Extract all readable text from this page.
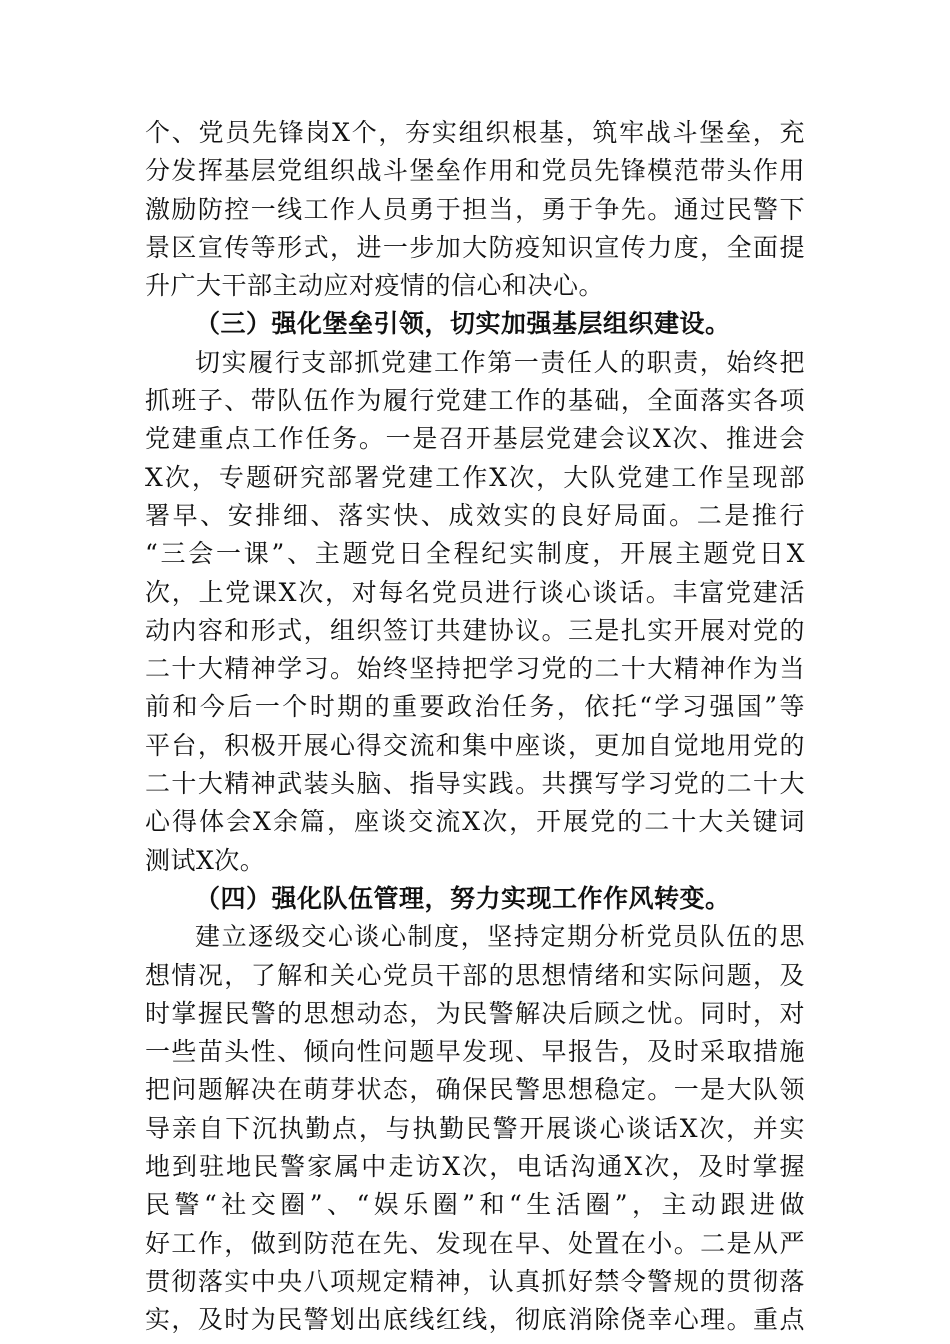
个、党员先锋岗X个，夯实组织根基，筑牢战斗堡垒，充
分发挥基层党组织战斗堡垒作用和党员先锋模范带头作用
激励防控一线工作人员勇于担当，勇于争先。通过民警下
景区宣传等形式，进一步加大防疫知识宣传力度，全面提
升广大干部主动应对疫情的信心和决心。
（三）强化堡垒引领，切实加强基层组织建设。
切实履行支部抓党建工作第一责任人的职责，始终把
抓班子、带队伍作为履行党建工作的基础，全面落实各项
党建重点工作任务。一是召开基层党建会议X次、推进会
X次，专题研究部署党建工作X次，大队党建工作呈现部
署早、安排细、落实快、成效实的良好局面。二是推行
“三会一课”、主题党日全程纪实制度，开展主题党日X
次，上党课X次，对每名党员进行谈心谈话。丰富党建活
动内容和形式，组织签订共建协议。三是扎实开展对党的
二十大精神学习。始终坚持把学习党的二十大精神作为当
前和今后一个时期的重要政治任务，依托“学习强国”等
平台，积极开展心得交流和集中座谈，更加自觉地用党的
二十大精神武装头脑、指导实践。共撰写学习党的二十大
心得体会X余篇，座谈交流X次，开展党的二十大关键词
测试X次。
（四）强化队伍管理，努力实现工作作风转变。
建立逐级交心谈心制度，坚持定期分析党员队伍的思
想情况，了解和关心党员干部的思想情绪和实际问题，及
时掌握民警的思想动态，为民警解决后顾之忧。同时，对
一些苗头性、倾向性问题早发现、早报告，及时采取措施
把问题解决在萌芽状态，确保民警思想稳定。一是大队领
导亲自下沉执勤点，与执勤民警开展谈心谈话X次，并实
地到驻地民警家属中走访X次，电话沟通X次，及时掌握
民警“社交圈”、“娱乐圈”和“生活圈”，主动跟进做
好工作，做到防范在先、发现在早、处置在小。二是从严
贯彻落实中央八项规定精神，认真抓好禁令警规的贯彻落
实，及时为民警划出底线红线，彻底消除侥幸心理。重点
